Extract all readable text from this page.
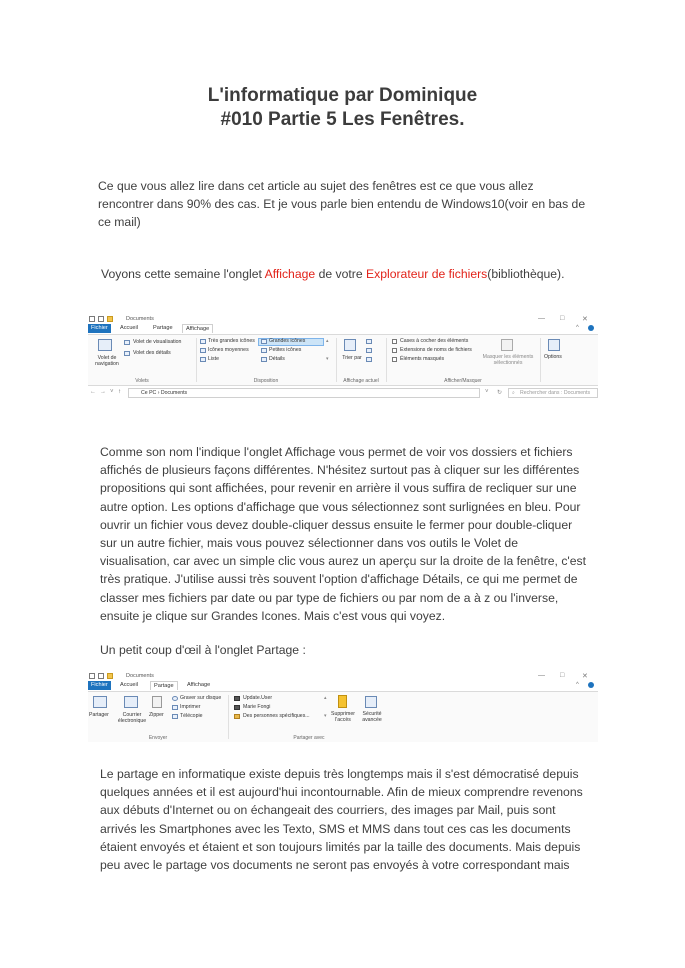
L'informatique par Dominique
#010 Partie 5 Les Fenêtres.
Ce que vous allez lire dans cet article au sujet des fenêtres est ce que vous allez rencontrer dans 90% des cas. Et je vous parle bien entendu de Windows10(voir en bas de ce mail)
Voyons cette semaine l'onglet Affichage de votre Explorateur de fichiers(bibliothèque).
Documents	— □	✕
Fichier	Accueil	Partage	Affichage	^
Volet de navigation
Volet de visualisation
Volet des détails
Volets
Très grandes icônes	Grandes icônes
Icônes moyennes	Petites icônes
Liste	Détails
▴
▾
Disposition
Trier par
Affichage actuel
Cases à cocher des éléments
Extensions de noms de fichiers
Éléments masqués	Masquer les éléments sélectionnés
Afficher/Masquer
Options
← → ˅ ↑	Ce PC › Documents	˅ ↻ ⌕ Rechercher dans : Documents
Comme son nom l'indique l'onglet Affichage vous permet de voir vos dossiers et fichiers affichés de plusieurs façons différentes. N'hésitez surtout pas à cliquer sur les différentes propositions qui sont affichées, pour revenir en arrière il vous suffira de recliquer sur une autre option. Les options d'affichage que vous sélectionnez sont surlignées en bleu. Pour ouvrir un fichier vous devez double-cliquer dessus ensuite le fermer pour double-cliquer sur un autre fichier, mais vous pouvez sélectionner dans vos outils le Volet de visualisation, car avec un simple clic vous aurez un aperçu sur la droite de la fenêtre, c'est très pratique. J'utilise aussi très souvent l'option d'affichage Détails, ce qui me permet de classer mes fichiers par date ou par type de fichiers ou par nom de a à z ou l'inverse, ensuite je clique sur Grandes Icones. Mais c'est vous qui voyez.
Un petit coup d'œil à l'onglet Partage :
Documents	— □	✕
Fichier	Accueil	Partage	Affichage	^
Partager	Courrier électronique
Zipper
Graver sur disque
Imprimer
Télécopie
Envoyer
Update.User
Marie Fongi
Des personnes spécifiques...
▴
▾ Supprimer l'accès
Sécurité avancée
Partager avec
Le partage en informatique existe depuis très longtemps mais il s'est démocratisé depuis quelques années et il est aujourd'hui incontournable. Afin de mieux comprendre revenons aux débuts d'Internet ou on échangeait des courriers, des images par Mail, puis sont arrivés les Smartphones avec les Texto, SMS et MMS dans tout ces cas les documents étaient envoyés et étaient et son toujours limités par la taille des documents. Mais depuis peu avec le partage vos documents ne seront pas envoyés à votre correspondant mais
